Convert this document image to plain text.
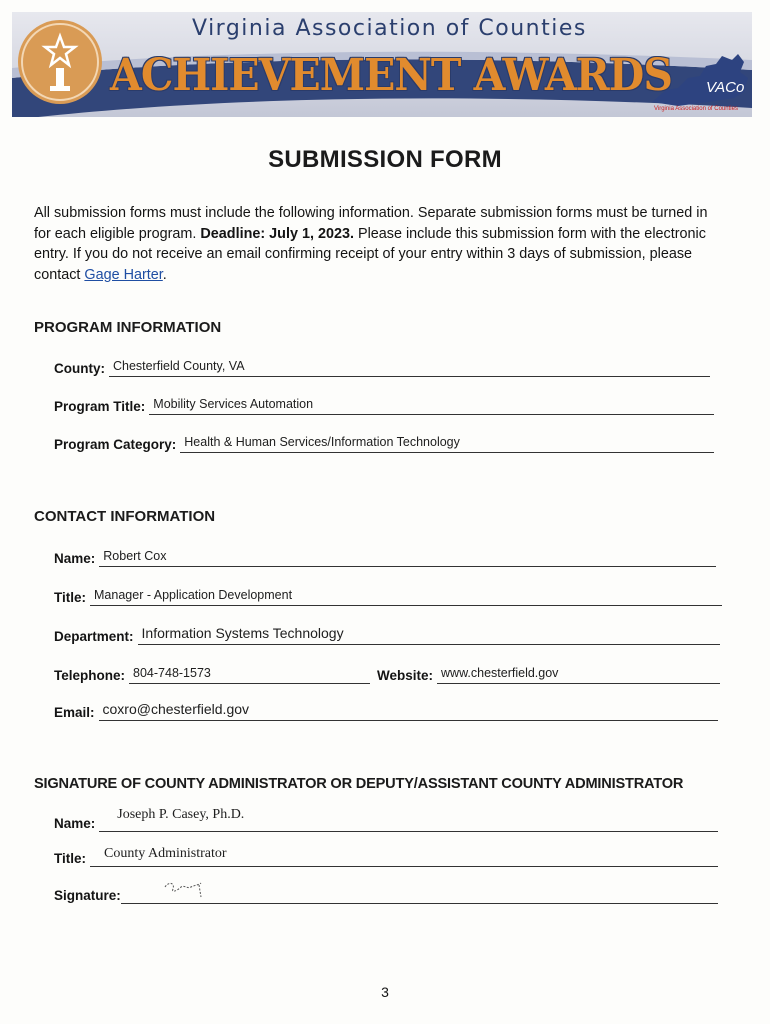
Virginia Association of Counties
ACHIEVEMENT AWARDS VACo
Virginia Association of Counties
SUBMISSION FORM
All submission forms must include the following information. Separate submission forms must be turned in for each eligible program. Deadline: July 1, 2023. Please include this submission form with the electronic entry. If you do not receive an email confirming receipt of your entry within 3 days of submission, please contact Gage Harter.
PROGRAM INFORMATION
County: Chesterfield County, VA
Program Title: Mobility Services Automation
Program Category: Health & Human Services/Information Technology
CONTACT INFORMATION
Name: Robert Cox
Title: Manager - Application Development
Department: Information Systems Technology
Telephone: 804-748-1573	Website: www.chesterfield.gov
Email: coxro@chesterfield.gov
SIGNATURE OF COUNTY ADMINISTRATOR OR DEPUTY/ASSISTANT COUNTY ADMINISTRATOR
Name:
Joseph P. Casey, Ph.D.
Title: County Administrator
Signature:
3
